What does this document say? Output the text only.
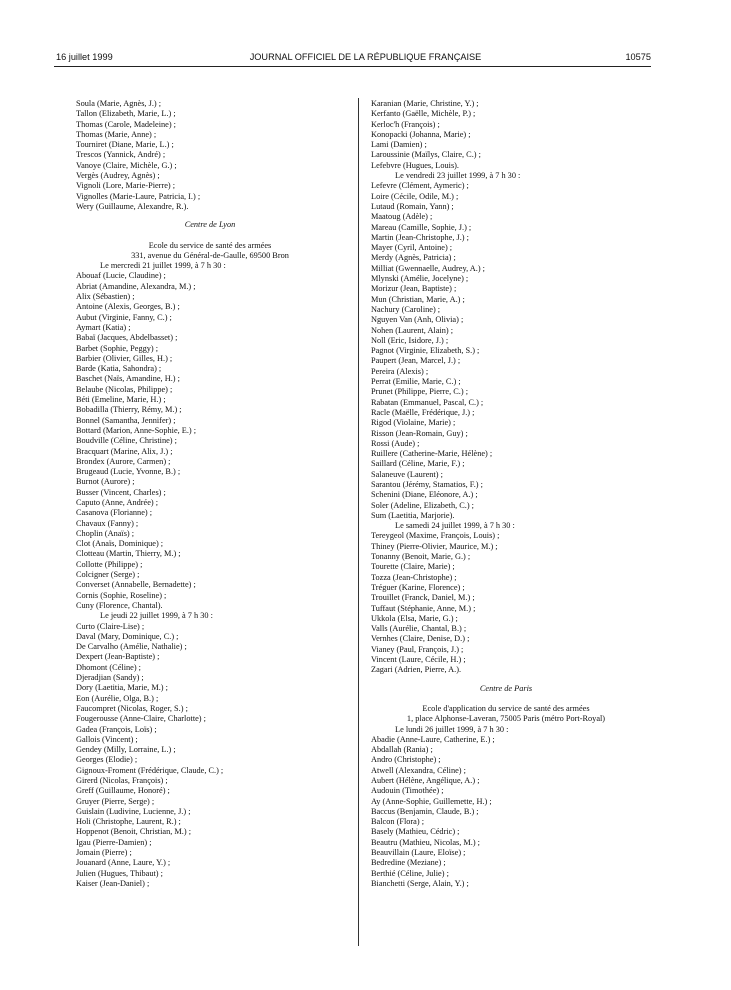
16 juillet 1999	JOURNAL OFFICIEL DE LA RÉPUBLIQUE FRANÇAISE	10575
Soula (Marie, Agnès, J.) ;
Tallon (Elizabeth, Marie, L.) ;
Thomas (Carole, Madeleine) ;
Thomas (Marie, Anne) ;
Tourniret (Diane, Marie, L.) ;
Trescos (Yannick, André) ;
Vanoye (Claire, Michèle, G.) ;
Vergès (Audrey, Agnès) ;
Vignoli (Lore, Marie-Pierre) ;
Vignolles (Marie-Laure, Patricia, I.) ;
Wery (Guillaume, Alexandre, R.).
Centre de Lyon
Ecole du service de santé des armées
331, avenue du Général-de-Gaulle, 69500 Bron
Le mercredi 21 juillet 1999, à 7 h 30 :
Abouaf (Lucie, Claudine) ;
Abriat (Amandine, Alexandra, M.) ;
Alix (Sébastien) ;
Antoine (Alexis, Georges, B.) ;
Aubut (Virginie, Fanny, C.) ;
Aymart (Katia) ;
Babaï (Jacques, Abdelbasset) ;
Barbet (Sophie, Peggy) ;
Barbier (Olivier, Gilles, H.) ;
Barde (Katia, Sahondra) ;
Baschet (Naïs, Amandine, H.) ;
Belaube (Nicolas, Philippe) ;
Béti (Emeline, Marie, H.) ;
Bobadilla (Thierry, Rémy, M.) ;
Bonnel (Samantha, Jennifer) ;
Bottard (Marion, Anne-Sophie, E.) ;
Boudville (Céline, Christine) ;
Bracquart (Marine, Alix, J.) ;
Brondex (Aurore, Carmen) ;
Brugeaud (Lucie, Yvonne, B.) ;
Burnot (Aurore) ;
Busser (Vincent, Charles) ;
Caputo (Anne, Andrée) ;
Casanova (Florianne) ;
Chavaux (Fanny) ;
Choplin (Anaïs) ;
Clot (Anaïs, Dominique) ;
Clotteau (Martin, Thierry, M.) ;
Collotte (Philippe) ;
Colcigner (Serge) ;
Converset (Annabelle, Bernadette) ;
Cornis (Sophie, Roseline) ;
Cuny (Florence, Chantal).
Le jeudi 22 juillet 1999, à 7 h 30 :
Curto (Claire-Lise) ;
Daval (Mary, Dominique, C.) ;
De Carvalho (Amélie, Nathalie) ;
Dexpert (Jean-Baptiste) ;
Dhomont (Céline) ;
Djeradjian (Sandy) ;
Dory (Laetitia, Marie, M.) ;
Eon (Aurélie, Olga, B.) ;
Faucompret (Nicolas, Roger, S.) ;
Fougerousse (Anne-Claire, Charlotte) ;
Gadea (François, Loïs) ;
Gallois (Vincent) ;
Gendey (Milly, Lorraine, L.) ;
Georges (Elodie) ;
Gignoux-Froment (Frédérique, Claude, C.) ;
Girerd (Nicolas, François) ;
Greff (Guillaume, Honoré) ;
Gruyer (Pierre, Serge) ;
Guislain (Ludivine, Lucienne, J.) ;
Holi (Christophe, Laurent, R.) ;
Hoppenot (Benoit, Christian, M.) ;
Igau (Pierre-Damien) ;
Jomain (Pierre) ;
Jouanard (Anne, Laure, Y.) ;
Julien (Hugues, Thibaut) ;
Kaiser (Jean-Daniel) ;
Karanian (Marie, Christine, Y.) ;
Kerfanto (Gaëlle, Michèle, P.) ;
Kerloc'h (François) ;
Konopacki (Johanna, Marie) ;
Lami (Damien) ;
Laroussinie (Maïlys, Claire, C.) ;
Lefebvre (Hugues, Louis).
Le vendredi 23 juillet 1999, à 7 h 30 :
Lefevre (Clément, Aymeric) ;
Loire (Cécile, Odile, M.) ;
Lutaud (Romain, Yann) ;
Maatoug (Adèle) ;
Mareau (Camille, Sophie, J.) ;
Martin (Jean-Christophe, J.) ;
Mayer (Cyril, Antoine) ;
Merdy (Agnès, Patricia) ;
Milliat (Gwennaelle, Audrey, A.) ;
Mlynski (Amélie, Jocelyne) ;
Morizur (Jean, Baptiste) ;
Mun (Christian, Marie, A.) ;
Nachury (Caroline) ;
Nguyen Van (Anh, Olivia) ;
Nohen (Laurent, Alain) ;
Noll (Eric, Isidore, J.) ;
Pagnot (Virginie, Elizabeth, S.) ;
Paupert (Jean, Marcel, J.) ;
Pereira (Alexis) ;
Perrat (Emilie, Marie, C.) ;
Prunet (Philippe, Pierre, C.) ;
Rabatan (Emmanuel, Pascal, C.) ;
Racle (Maëlle, Frédérique, J.) ;
Rigod (Violaine, Marie) ;
Risson (Jean-Romain, Guy) ;
Rossi (Aude) ;
Ruillere (Catherine-Marie, Hélène) ;
Saillard (Céline, Marie, F.) ;
Salaneuve (Laurent) ;
Sarantou (Jérémy, Stamatios, F.) ;
Schenini (Diane, Eléonore, A.) ;
Soler (Adeline, Elizabeth, C.) ;
Sum (Laetitia, Marjorie).
Le samedi 24 juillet 1999, à 7 h 30 :
Tereygeol (Maxime, François, Louis) ;
Thiney (Pierre-Olivier, Maurice, M.) ;
Tonanny (Benoit, Marie, G.) ;
Tourette (Claire, Marie) ;
Tozza (Jean-Christophe) ;
Tréguer (Karine, Florence) ;
Trouillet (Franck, Daniel, M.) ;
Tuffaut (Stéphanie, Anne, M.) ;
Ukkola (Elsa, Marie, G.) ;
Valls (Aurélie, Chantal, B.) ;
Vernhes (Claire, Denise, D.) ;
Vianey (Paul, François, J.) ;
Vincent (Laure, Cécile, H.) ;
Zagari (Adrien, Pierre, A.).
Centre de Paris
Ecole d'application du service de santé des armées
1, place Alphonse-Laveran, 75005 Paris (métro Port-Royal)
Le lundi 26 juillet 1999, à 7 h 30 :
Abadie (Anne-Laure, Catherine, E.) ;
Abdallah (Rania) ;
Andro (Christophe) ;
Atwell (Alexandra, Céline) ;
Aubert (Hélène, Angélique, A.) ;
Audouin (Timothée) ;
Ay (Anne-Sophie, Guillemette, H.) ;
Baccus (Benjamin, Claude, B.) ;
Balcon (Flora) ;
Basely (Mathieu, Cédric) ;
Beautru (Mathieu, Nicolas, M.) ;
Beauvillain (Laure, Eloïse) ;
Bedredine (Meziane) ;
Berthié (Céline, Julie) ;
Bianchetti (Serge, Alain, Y.) ;
